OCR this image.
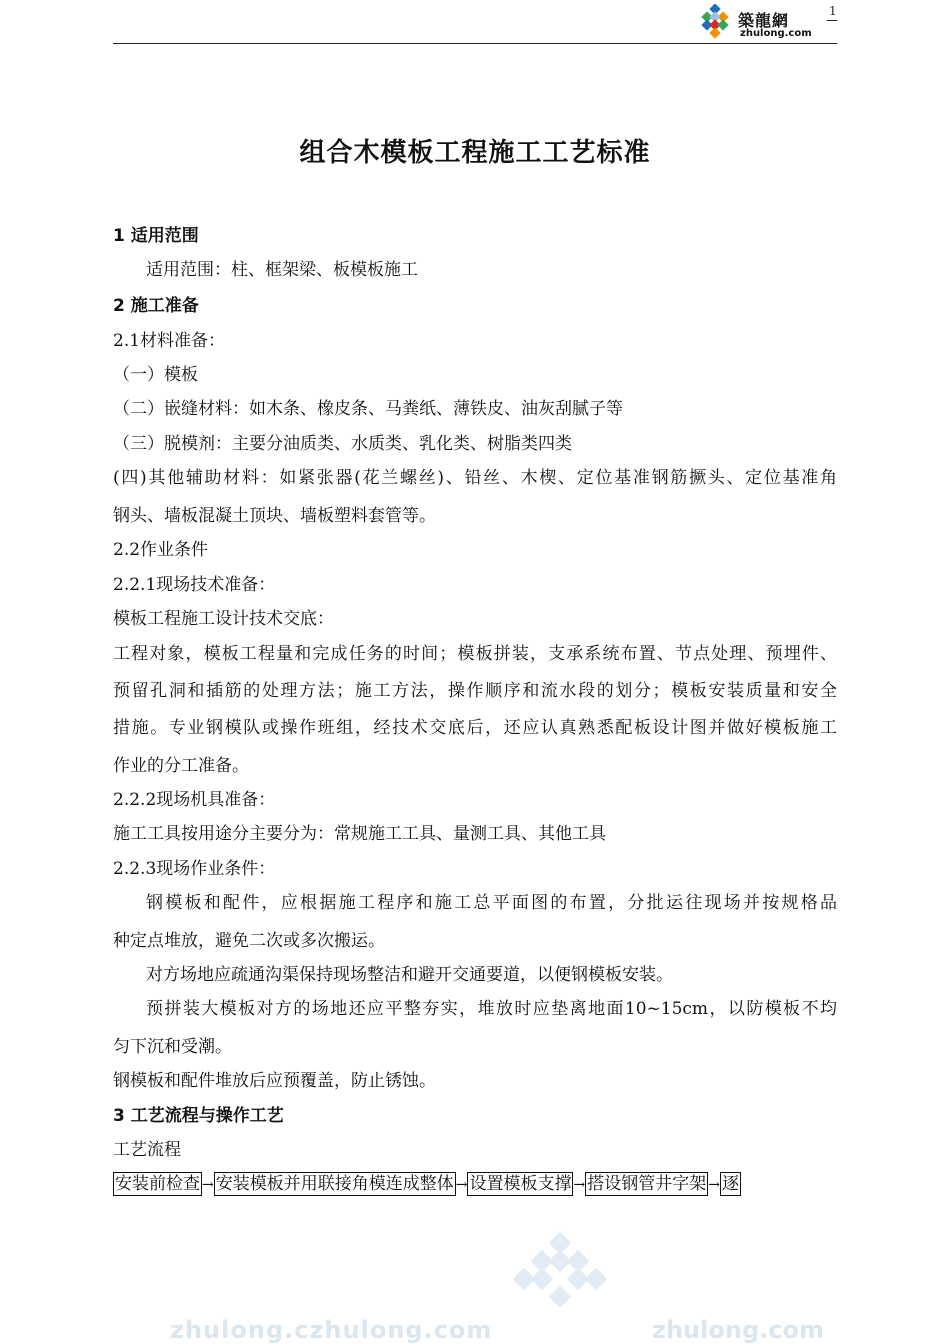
築龍網
zhulong.com
1
组合木模板工程施工工艺标准
1 适用范围
适用范围：柱、框架梁、板模板施工
2 施工准备
2.1材料准备：
（一）模板
（二）嵌缝材料：如木条、橡皮条、马粪纸、薄铁皮、油灰刮腻子等
（三）脱模剂：主要分油质类、水质类、乳化类、树脂类四类
(四)其他辅助材料：如紧张器(花兰螺丝)、铅丝、木楔、定位基准钢筋撅头、定位基准角
钢头、墙板混凝土顶块、墙板塑料套管等。
2.2作业条件
2.2.1现场技术准备：
模板工程施工设计技术交底：
工程对象，模板工程量和完成任务的时间；模板拼装，支承系统布置、节点处理、预埋件、
预留孔洞和插筋的处理方法；施工方法，操作顺序和流水段的划分；模板安装质量和安全
措施。专业钢模队或操作班组，经技术交底后，还应认真熟悉配板设计图并做好模板施工
作业的分工准备。
2.2.2现场机具准备：
施工工具按用途分主要分为：常规施工工具、量测工具、其他工具
2.2.3现场作业条件：
钢模板和配件，应根据施工程序和施工总平面图的布置，分批运往现场并按规格品
种定点堆放，避免二次或多次搬运。
对方场地应疏通沟渠保持现场整洁和避开交通要道，以便钢模板安装。
预拼装大模板对方的场地还应平整夯实，堆放时应垫离地面10~15cm，以防模板不均
匀下沉和受潮。
钢模板和配件堆放后应预覆盖，防止锈蚀。
3 工艺流程与操作工艺
工艺流程
安装前检查 → 安装模板并用联接角模连成整体 → 设置模板支撑 → 搭设钢管井字架 → 逐
zhulong.czhulong.com	zhulong.com
